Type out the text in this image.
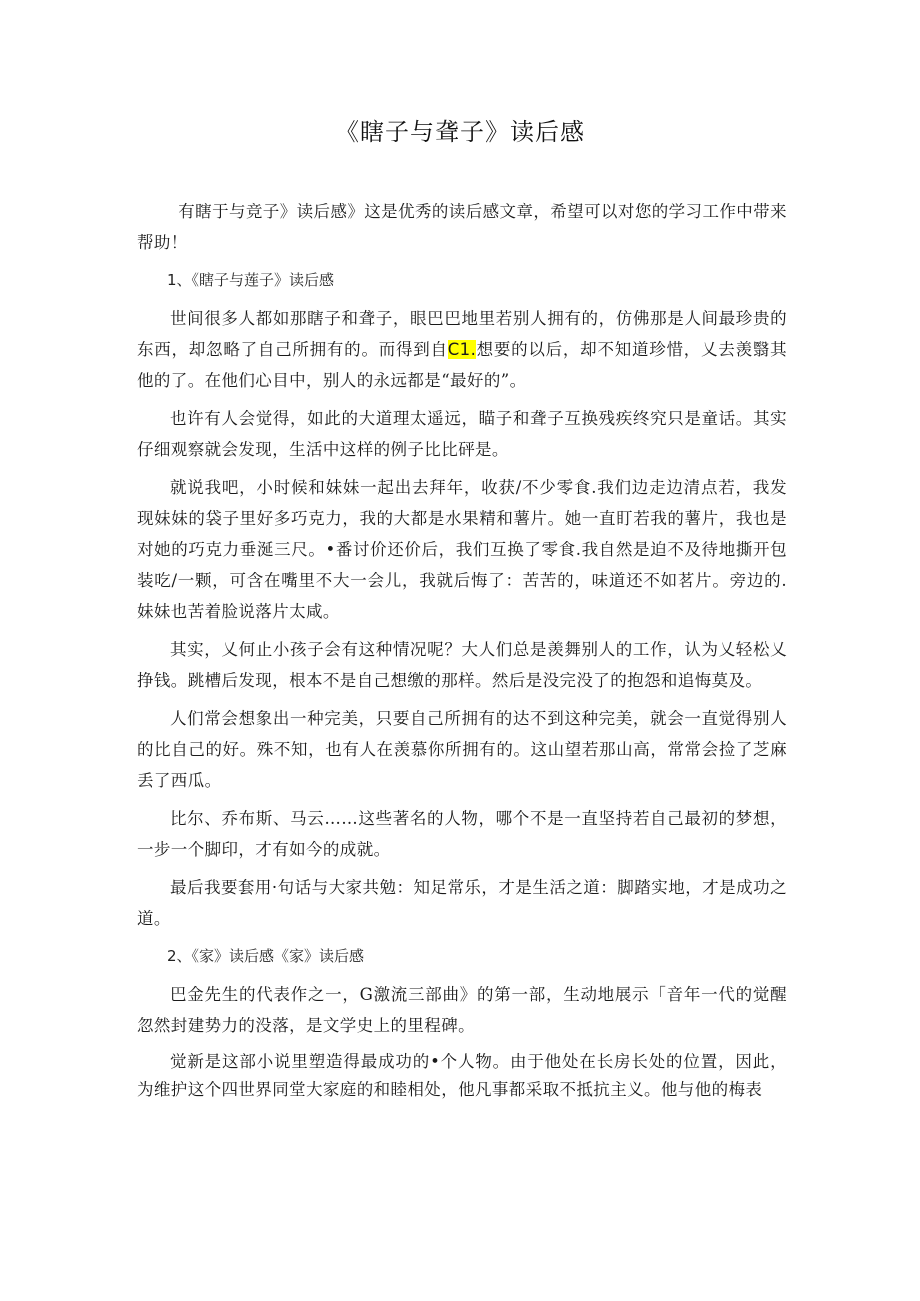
《瞎子与聋子》读后感

有瞎于与竞子》读后感》这是优秀的读后感文章，希望可以对您的学习工作中带来帮助！

1、《瞎子与莲子》读后感

世间很多人都如那瞎子和聋子，眼巴巴地里若别人拥有的，仿佛那是人间最珍贵的东西，却忽略了自己所拥有的。而得到自C1.想要的以后，却不知道珍惜，乂去羡翳其他的了。在他们心目中，别人的永远都是“最好的”。

也许有人会觉得，如此的大道理太遥远，瞄子和聋子互换残疾终究只是童话。其实仔细观察就会发现，生活中这样的例子比比砰是。

就说我吧，小时候和妹妹一起出去拜年，收获/不少零食.我们边走边清点若，我发现妹妹的袋子里好多巧克力，我的大都是水果精和薯片。她一直盯若我的薯片，我也是对她的巧克力垂涎三尺。•番讨价还价后，我们互换了零食.我自然是迫不及待地撕开包装吃/一颗，可含在嘴里不大一会儿，我就后悔了：苦苦的，味道还不如茗片。旁边的.妹妹也苦着脸说落片太咸。

其实，乂何止小孩子会有这种情况呢？大人们总是羡舞别人的工作，认为乂轻松乂挣钱。跳槽后发现，根本不是自己想缴的那样。然后是没完没了的抱怨和追悔莫及。

人们常会想象出一种完美，只要自己所拥有的达不到这种完美，就会一直觉得别人的比自己的好。殊不知，也有人在羡慕你所拥有的。这山望若那山高，常常会捡了芝麻丢了西瓜。

比尔、乔布斯、马云……这些著名的人物，哪个不是一直坚持若自己最初的梦想，一步一个脚印，才有如今的成就。

最后我要套用·句话与大家共勉：知足常乐，才是生活之道：脚踏实地，才是成功之道。

2、《家》读后感《家》读后感

巴金先生的代表作之一，G激流三部曲》的第一部，生动地展示「音年一代的觉醒忽然封建势力的没落，是文学史上的里程碑。

觉新是这部小说里塑造得最成功的•个人物。由于他处在长房长处的位置，因此，为维护这个四世界同堂大家庭的和睦相处，他凡事都采取不抵抗主义。他与他的梅表
